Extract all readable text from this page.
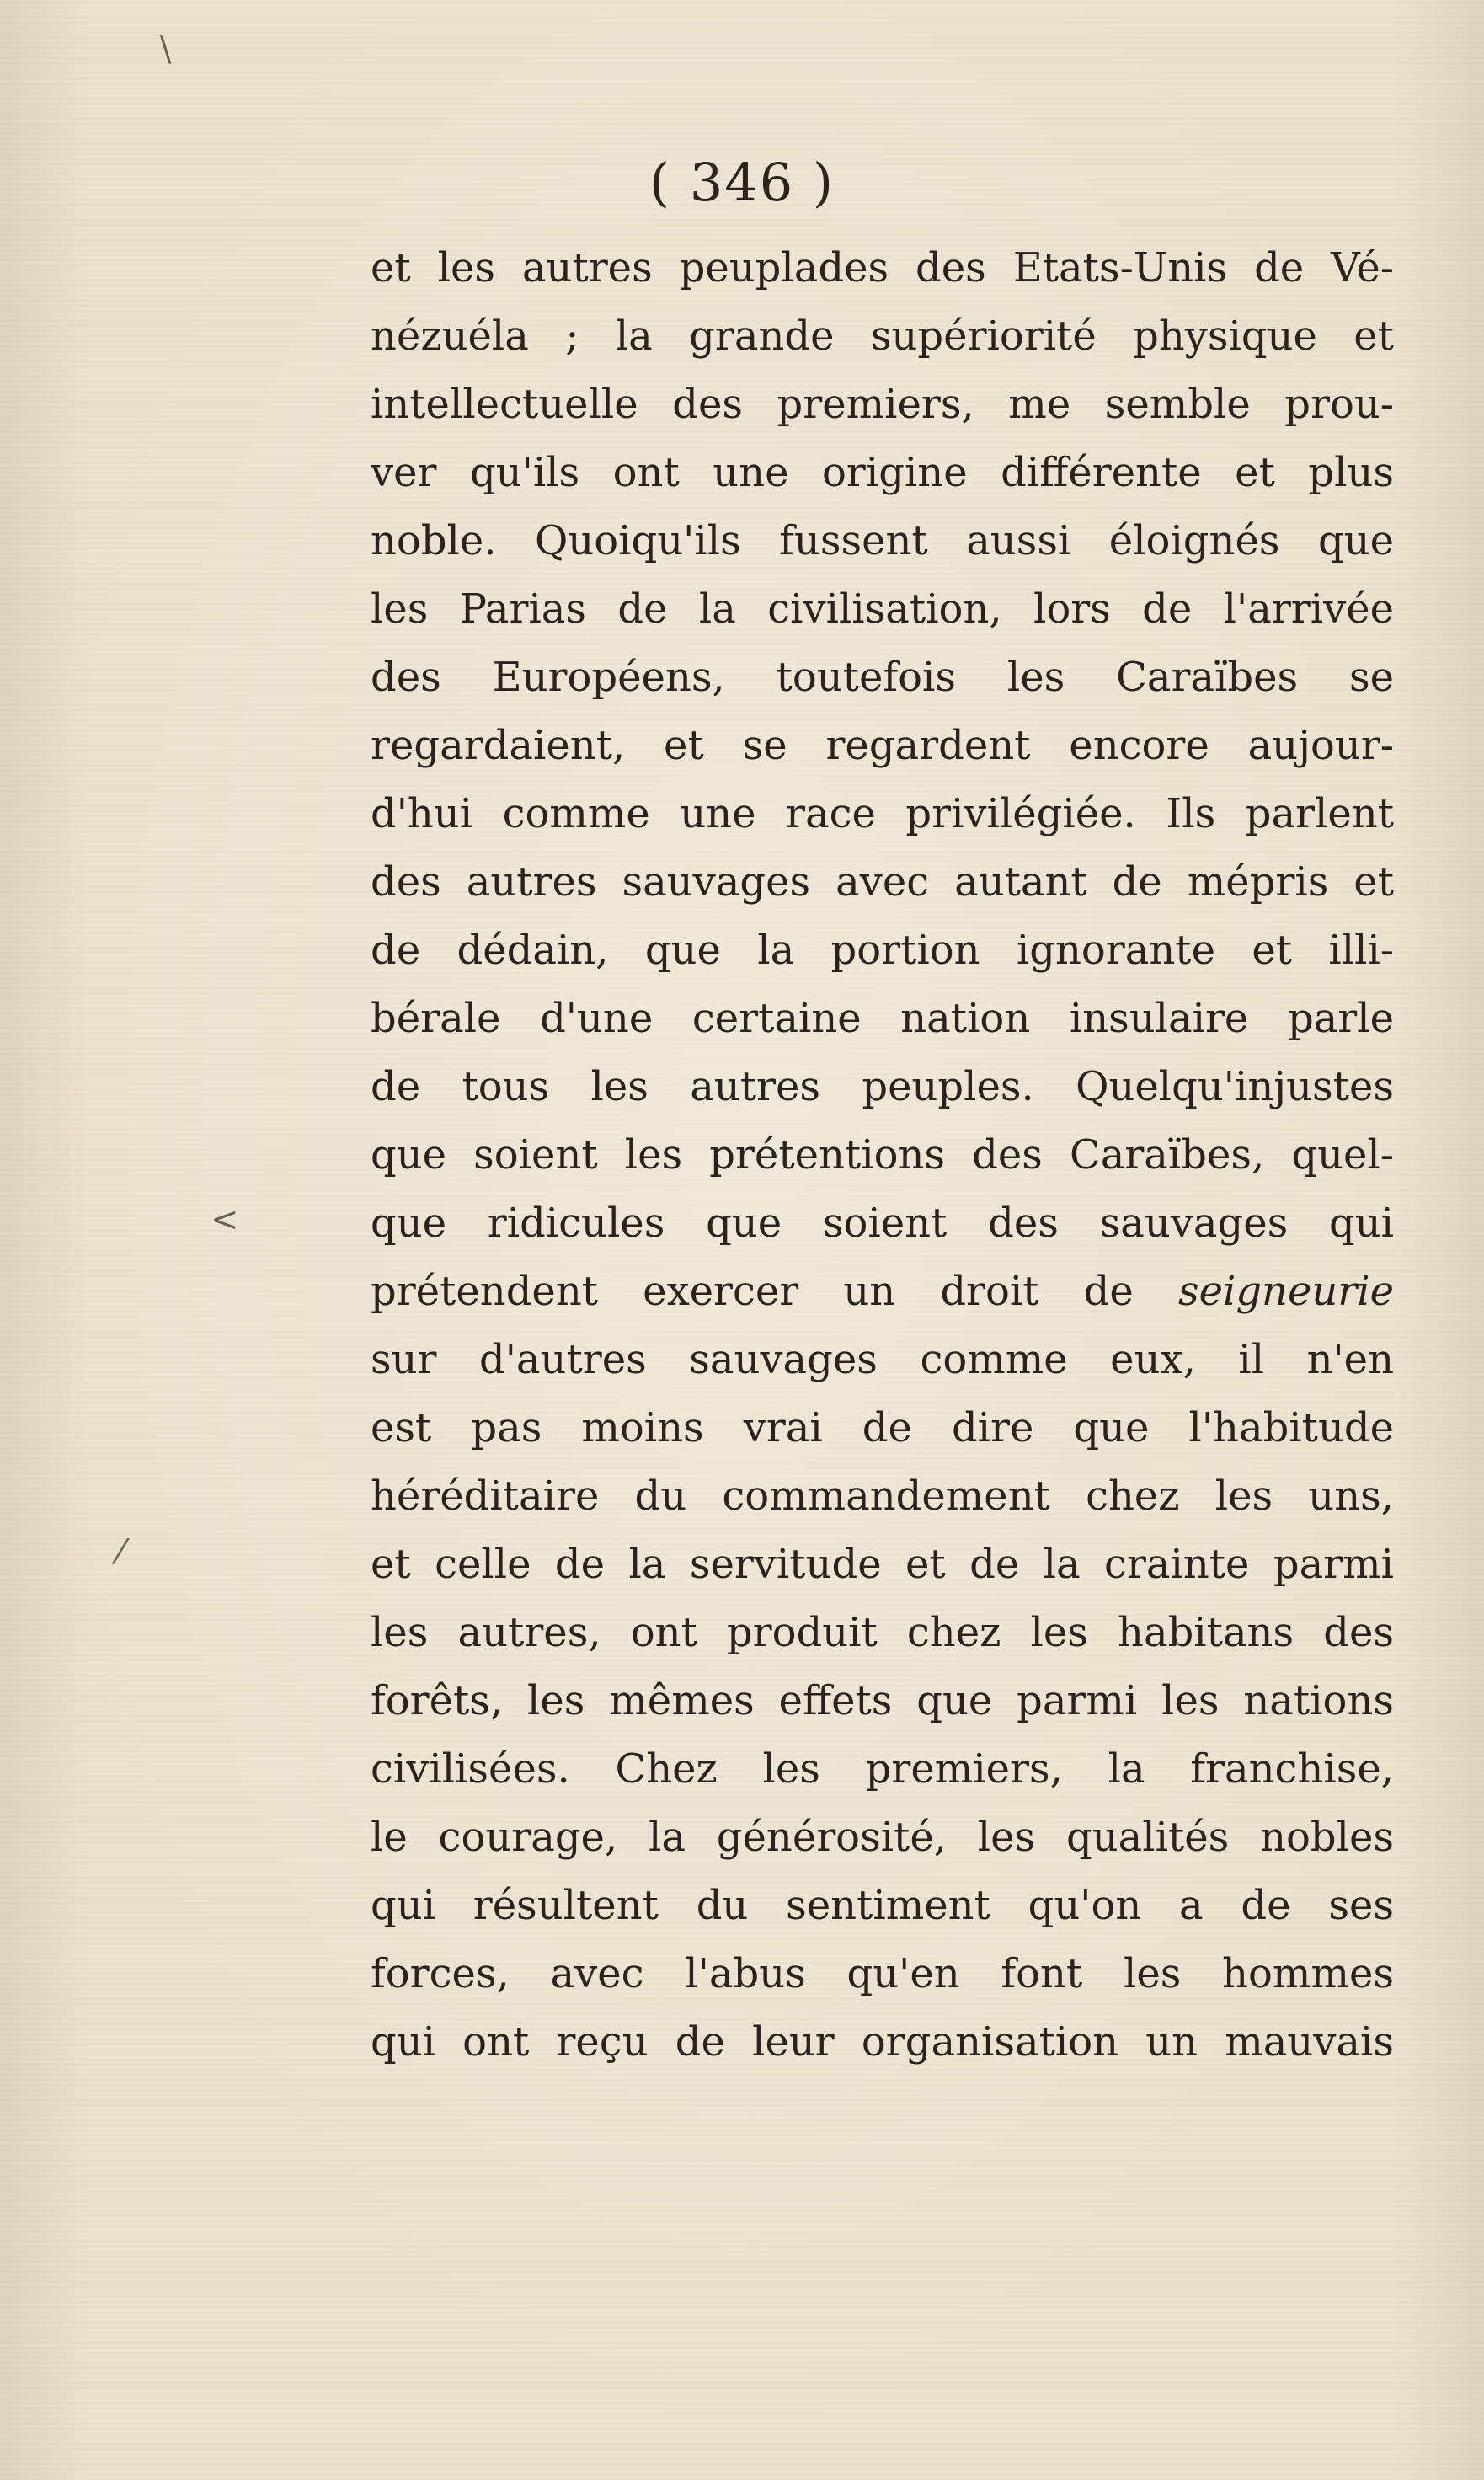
\
<
⁄
( 346 )
et les autres peuplades des Etats-Unis de Vé-
nézuéla ; la grande supériorité physique et
intellectuelle des premiers, me semble prou-
ver qu'ils ont une origine différente et plus
noble. Quoiqu'ils fussent aussi éloignés que
les Parias de la civilisation, lors de l'arrivée
des Européens, toutefois les Caraïbes se
regardaient, et se regardent encore aujour-
d'hui comme une race privilégiée. Ils parlent
des autres sauvages avec autant de mépris et
de dédain, que la portion ignorante et illi-
bérale d'une certaine nation insulaire parle
de tous les autres peuples. Quelqu'injustes
que soient les prétentions des Caraïbes, quel-
que ridicules que soient des sauvages qui
prétendent exercer un droit de seigneurie
sur d'autres sauvages comme eux, il n'en
est pas moins vrai de dire que l'habitude
héréditaire du commandement chez les uns,
et celle de la servitude et de la crainte parmi
les autres, ont produit chez les habitans des
forêts, les mêmes effets que parmi les nations
civilisées. Chez les premiers, la franchise,
le courage, la générosité, les qualités nobles
qui résultent du sentiment qu'on a de ses
forces, avec l'abus qu'en font les hommes
qui ont reçu de leur organisation un mauvais
